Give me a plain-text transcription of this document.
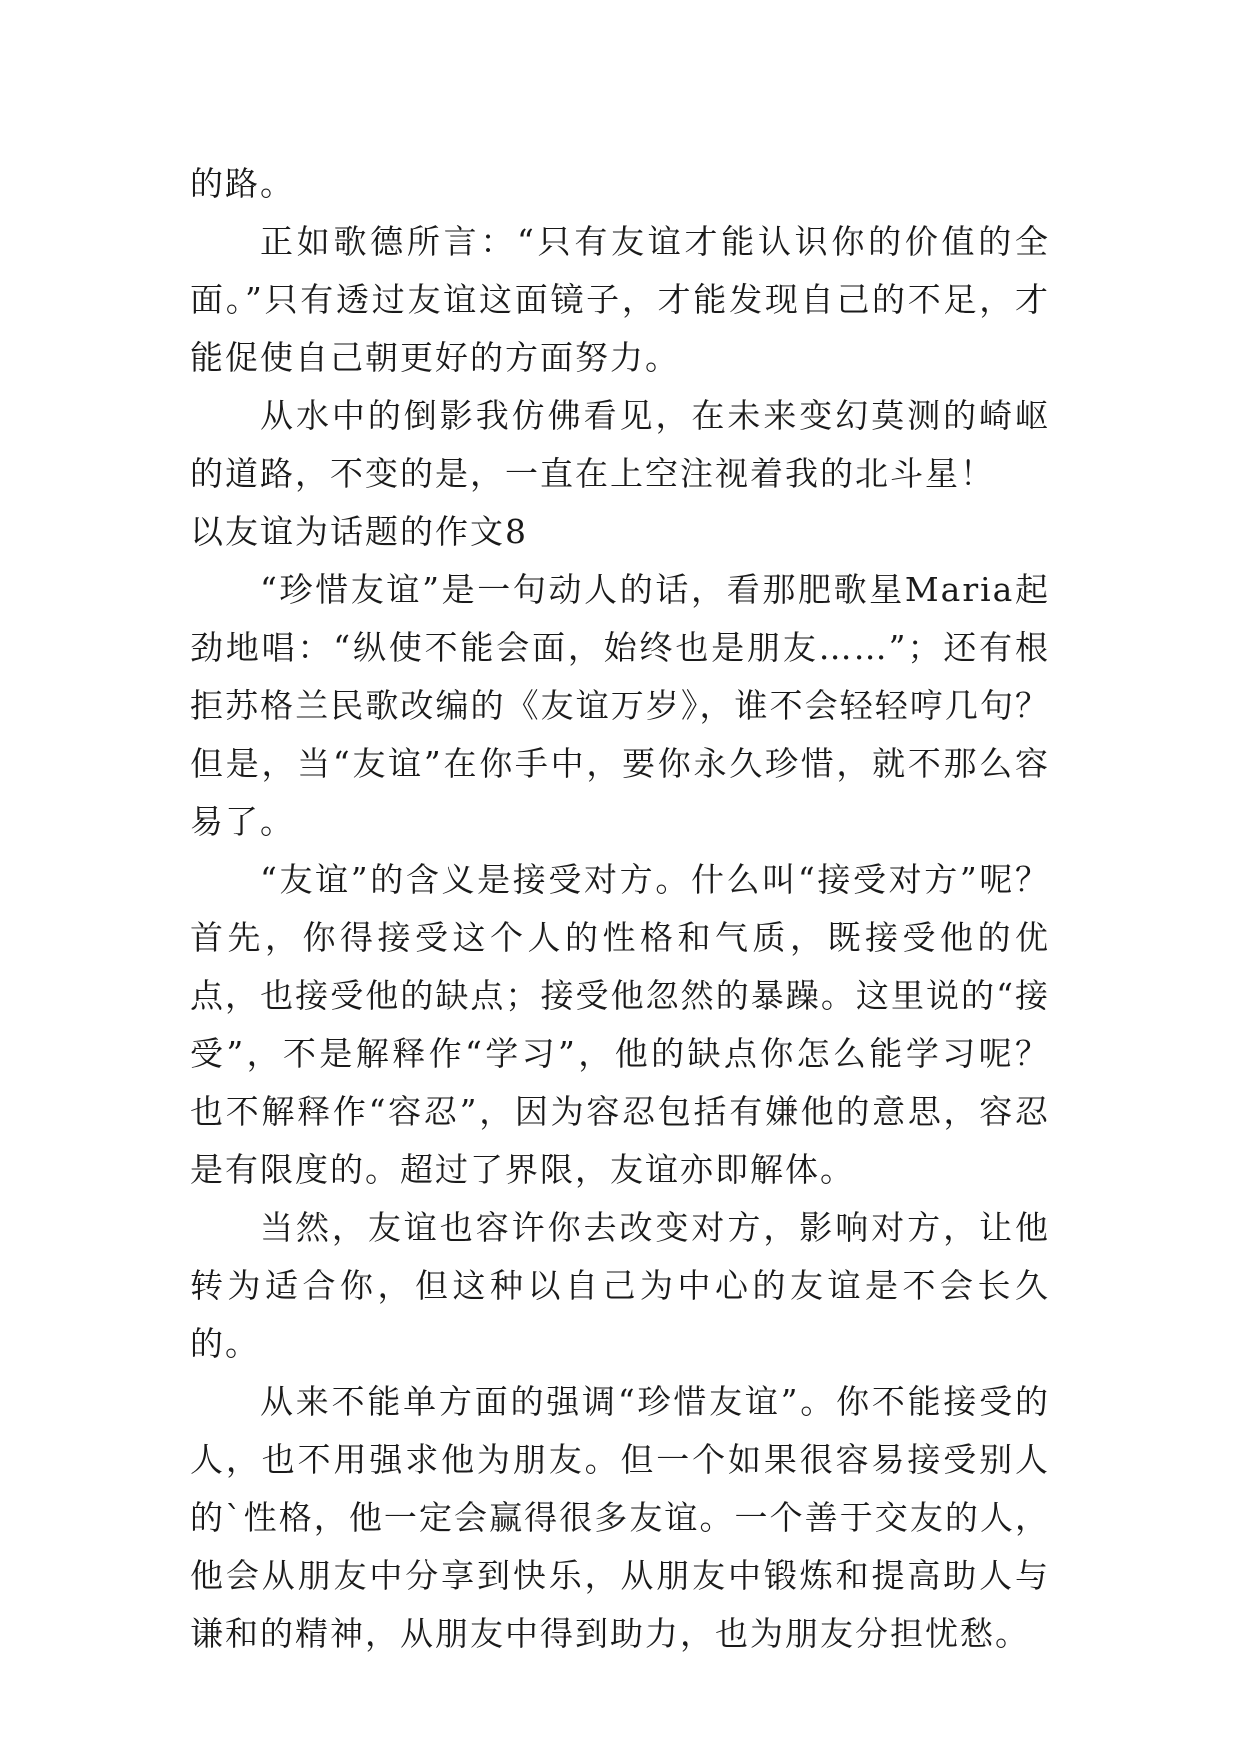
的路。

正如歌德所言：“只有友谊才能认识你的价值的全面。”只有透过友谊这面镜子，才能发现自己的不足，才能促使自己朝更好的方面努力。

从水中的倒影我仿佛看见，在未来变幻莫测的崎岖的道路，不变的是，一直在上空注视着我的北斗星！

以友谊为话题的作文8

“珍惜友谊”是一句动人的话，看那肥歌星Maria起劲地唱：“纵使不能会面，始终也是朋友……”；还有根拒苏格兰民歌改编的《友谊万岁》，谁不会轻轻哼几句？但是，当“友谊”在你手中，要你永久珍惜，就不那么容易了。

“友谊”的含义是接受对方。什么叫“接受对方”呢？首先，你得接受这个人的性格和气质，既接受他的优点，也接受他的缺点；接受他忽然的暴躁。这里说的“接受”，不是解释作“学习”，他的缺点你怎么能学习呢？也不解释作“容忍”，因为容忍包括有嫌他的意思，容忍是有限度的。超过了界限，友谊亦即解体。

当然，友谊也容许你去改变对方，影响对方，让他转为适合你，但这种以自己为中心的友谊是不会长久的。

从来不能单方面的强调“珍惜友谊”。你不能接受的人，也不用强求他为朋友。但一个如果很容易接受别人的`性格，他一定会赢得很多友谊。一个善于交友的人，他会从朋友中分享到快乐，从朋友中锻炼和提高助人与谦和的精神，从朋友中得到助力，也为朋友分担忧愁。
